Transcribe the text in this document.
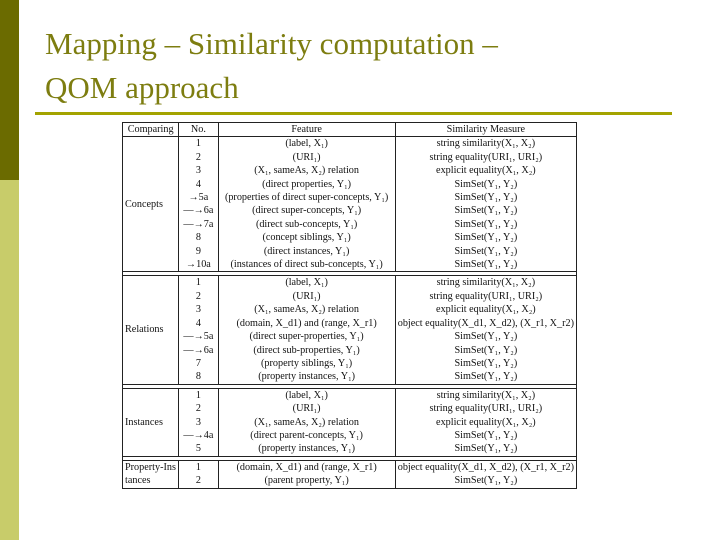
Mapping – Similarity computation –
QOM approach
Comparing	No.	Feature	Similarity Measure
Concepts	1	(label, X₁)	string similarity(X₁, X₂)
	2	(URI₁)	string equality(URI₁, URI₂)
	3	(X₁, sameAs, X₂) relation	explicit equality(X₁, X₂)
	4	(direct properties, Y₁)	SimSet(Y₁, Y₂)
	→5a	(properties of direct super-concepts, Y₁)	SimSet(Y₁, Y₂)
	—→6a	(direct super-concepts, Y₁)	SimSet(Y₁, Y₂)
	—→7a	(direct sub-concepts, Y₁)	SimSet(Y₁, Y₂)
	8	(concept siblings, Y₁)	SimSet(Y₁, Y₂)
	9	(direct instances, Y₁)	SimSet(Y₁, Y₂)
	→10a	(instances of direct sub-concepts, Y₁)	SimSet(Y₁, Y₂)

Relations	1	(label, X₁)	string similarity(X₁, X₂)
	2	(URI₁)	string equality(URI₁, URI₂)
	3	(X₁, sameAs, X₂) relation	explicit equality(X₁, X₂)
	4	(domain, X_d1) and (range, X_r1)	object equality(X_d1, X_d2), (X_r1, X_r2)
	—→5a	(direct super-properties, Y₁)	SimSet(Y₁, Y₂)
	—→6a	(direct sub-properties, Y₁)	SimSet(Y₁, Y₂)
	7	(property siblings, Y₁)	SimSet(Y₁, Y₂)
	8	(property instances, Y₁)	SimSet(Y₁, Y₂)

Instances	1	(label, X₁)	string similarity(X₁, X₂)
	2	(URI₁)	string equality(URI₁, URI₂)
	3	(X₁, sameAs, X₂) relation	explicit equality(X₁, X₂)
	—→4a	(direct parent-concepts, Y₁)	SimSet(Y₁, Y₂)
	5	(property instances, Y₁)	SimSet(Y₁, Y₂)

Property-Instances	1	(domain, X_d1) and (range, X_r1)	object equality(X_d1, X_d2), (X_r1, X_r2)
	2	(parent property, Y₁)	SimSet(Y₁, Y₂)
